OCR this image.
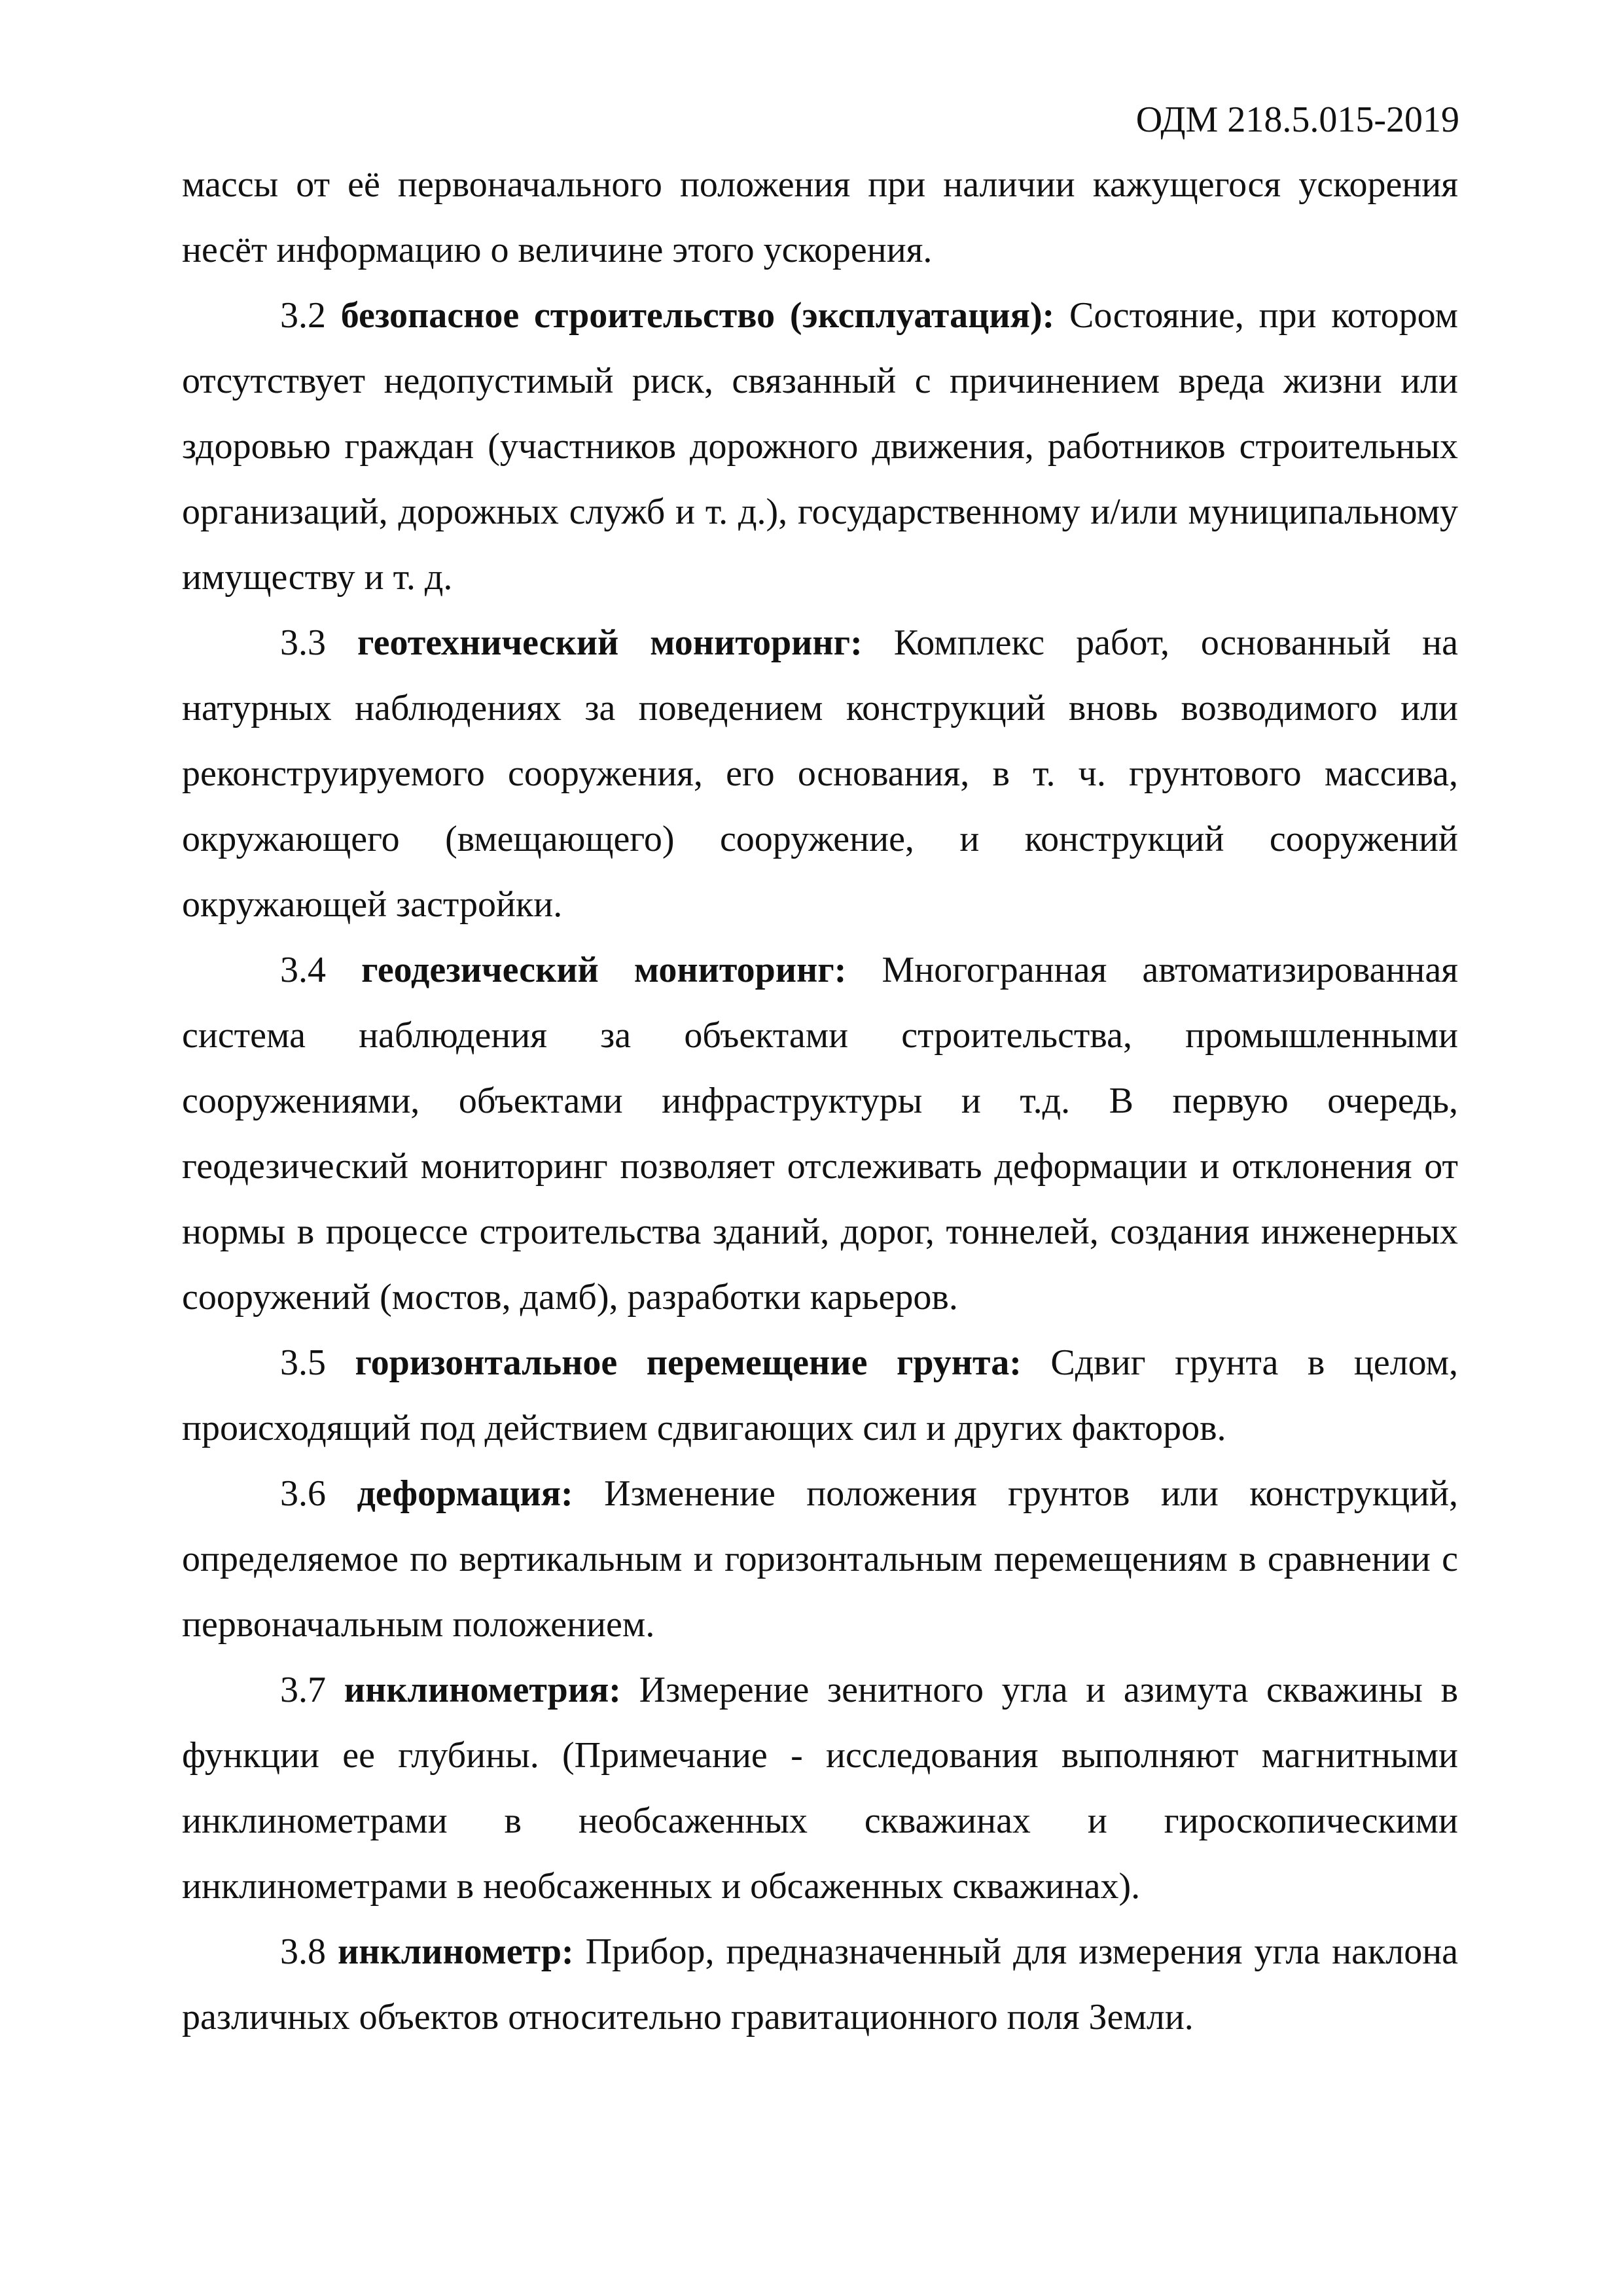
ОДМ 218.5.015-2019

массы от её первоначального положения при наличии кажущегося ускорения несёт информацию о величине этого ускорения.

3.2 безопасное строительство (эксплуатация): Состояние, при котором отсутствует недопустимый риск, связанный с причинением вреда жизни или здоровью граждан (участников дорожного движения, работников строительных организаций, дорожных служб и т. д.), государственному и/или муниципальному имуществу и т. д.

3.3 геотехнический мониторинг: Комплекс работ, основанный на натурных наблюдениях за поведением конструкций вновь возводимого или реконструируемого сооружения, его основания, в т. ч. грунтового массива, окружающего (вмещающего) сооружение, и конструкций сооружений окружающей застройки.

3.4 геодезический мониторинг: Многогранная автоматизированная система наблюдения за объектами строительства, промышленными сооружениями, объектами инфраструктуры и т.д. В первую очередь, геодезический мониторинг позволяет отслеживать деформации и отклонения от нормы в процессе строительства зданий, дорог, тоннелей, создания инженерных сооружений (мостов, дамб), разработки карьеров.

3.5 горизонтальное перемещение грунта: Сдвиг грунта в целом, происходящий под действием сдвигающих сил и других факторов.

3.6 деформация: Изменение положения грунтов или конструкций, определяемое по вертикальным и горизонтальным перемещениям в сравнении с первоначальным положением.

3.7 инклинометрия: Измерение зенитного угла и азимута скважины в функции ее глубины. (Примечание - исследования выполняют магнитными инклинометрами в необсаженных скважинах и гироскопическими инклинометрами в необсаженных и обсаженных скважинах).

3.8 инклинометр: Прибор, предназначенный для измерения угла наклона различных объектов относительно гравитационного поля Земли.
